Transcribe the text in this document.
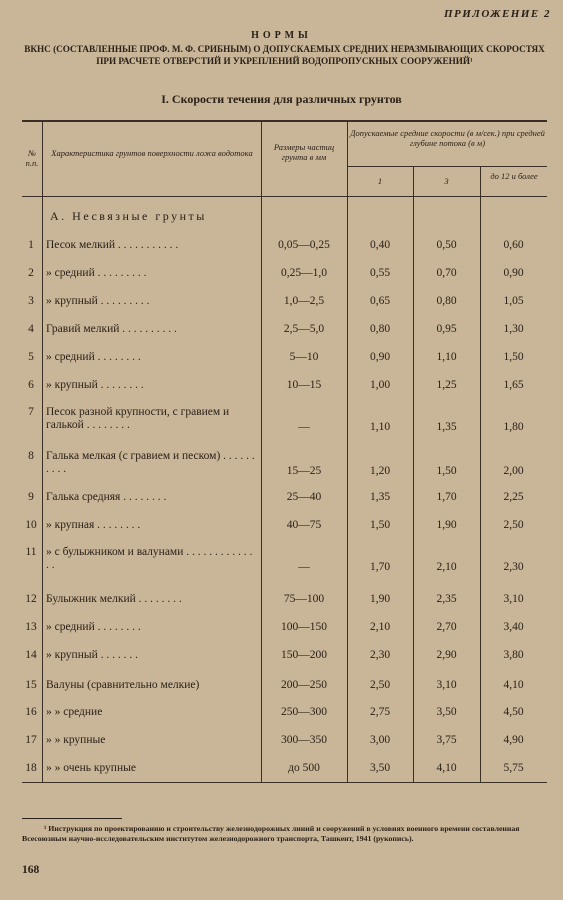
ПРИЛОЖЕНИЕ 2
НОРМЫ
ВКНС (СОСТАВЛЕННЫЕ ПРОФ. М. Ф. СРИБНЫМ) О ДОПУСКАЕМЫХ СРЕДНИХ НЕРАЗМЫВАЮЩИХ СКОРОСТЯХ ПРИ РАСЧЕТЕ ОТВЕРСТИЙ И УКРЕПЛЕНИЙ ВОДОПРОПУСКНЫХ СООРУЖЕНИЙ¹
I. Скорости течения для различных грунтов
№ п.п.
Характеристика грунтов поверхности ложа водотока
Размеры частиц грунта в мм
Допускаемые средние скорости (в м/сек.) при средней глубине потока (в м)
1	3	до 12 и более
А. Несвязные грунты
1	Песок мелкий . . . . . . . . . . .	0,05—0,25	0,40	0,50	0,60
2	» средний . . . . . . . . .	0,25—1,0	0,55	0,70	0,90
3	» крупный . . . . . . . . .	1,0—2,5	0,65	0,80	1,05
4	Гравий мелкий . . . . . . . . . .	2,5—5,0	0,80	0,95	1,30
5	» средний . . . . . . . .	5—10	0,90	1,10	1,50
6	» крупный . . . . . . . .	10—15	1,00	1,25	1,65
7	Песок разной крупности, с гравием и галькой . . . . . . . .	—	1,10	1,35	1,80
8	Галька мелкая (с гравием и песком) . . . . . . . . . .	15—25	1,20	1,50	2,00
9	Галька средняя . . . . . . . .	25—40	1,35	1,70	2,25
10 » крупная . . . . . . . .	40—75	1,50	1,90	2,50
11 » с булыжником и валунами . . . . . . . . . . . . . .	—	1,70	2,10	2,30
12 Булыжник мелкий . . . . . . . .	75—100	1,90	2,35	3,10
13 » средний . . . . . . . .	100—150	2,10	2,70	3,40
14 » крупный . . . . . . .	150—200	2,30	2,90	3,80
15 Валуны (сравнительно мелкие)	200—250	2,50	3,10	4,10
16 » » средние	250—300	2,75	3,50	4,50
17 » » крупные	300—350	3,00	3,75	4,90
18 » » очень крупные	до 500	3,50	4,10	5,75
¹ Инструкция по проектированию и строительству железнодорожных линий и сооружений в условиях военного времени составленная Всесоюзным научно-исследовательским институтом железнодорожного транспорта, Ташкент, 1941 (рукопись).
168
